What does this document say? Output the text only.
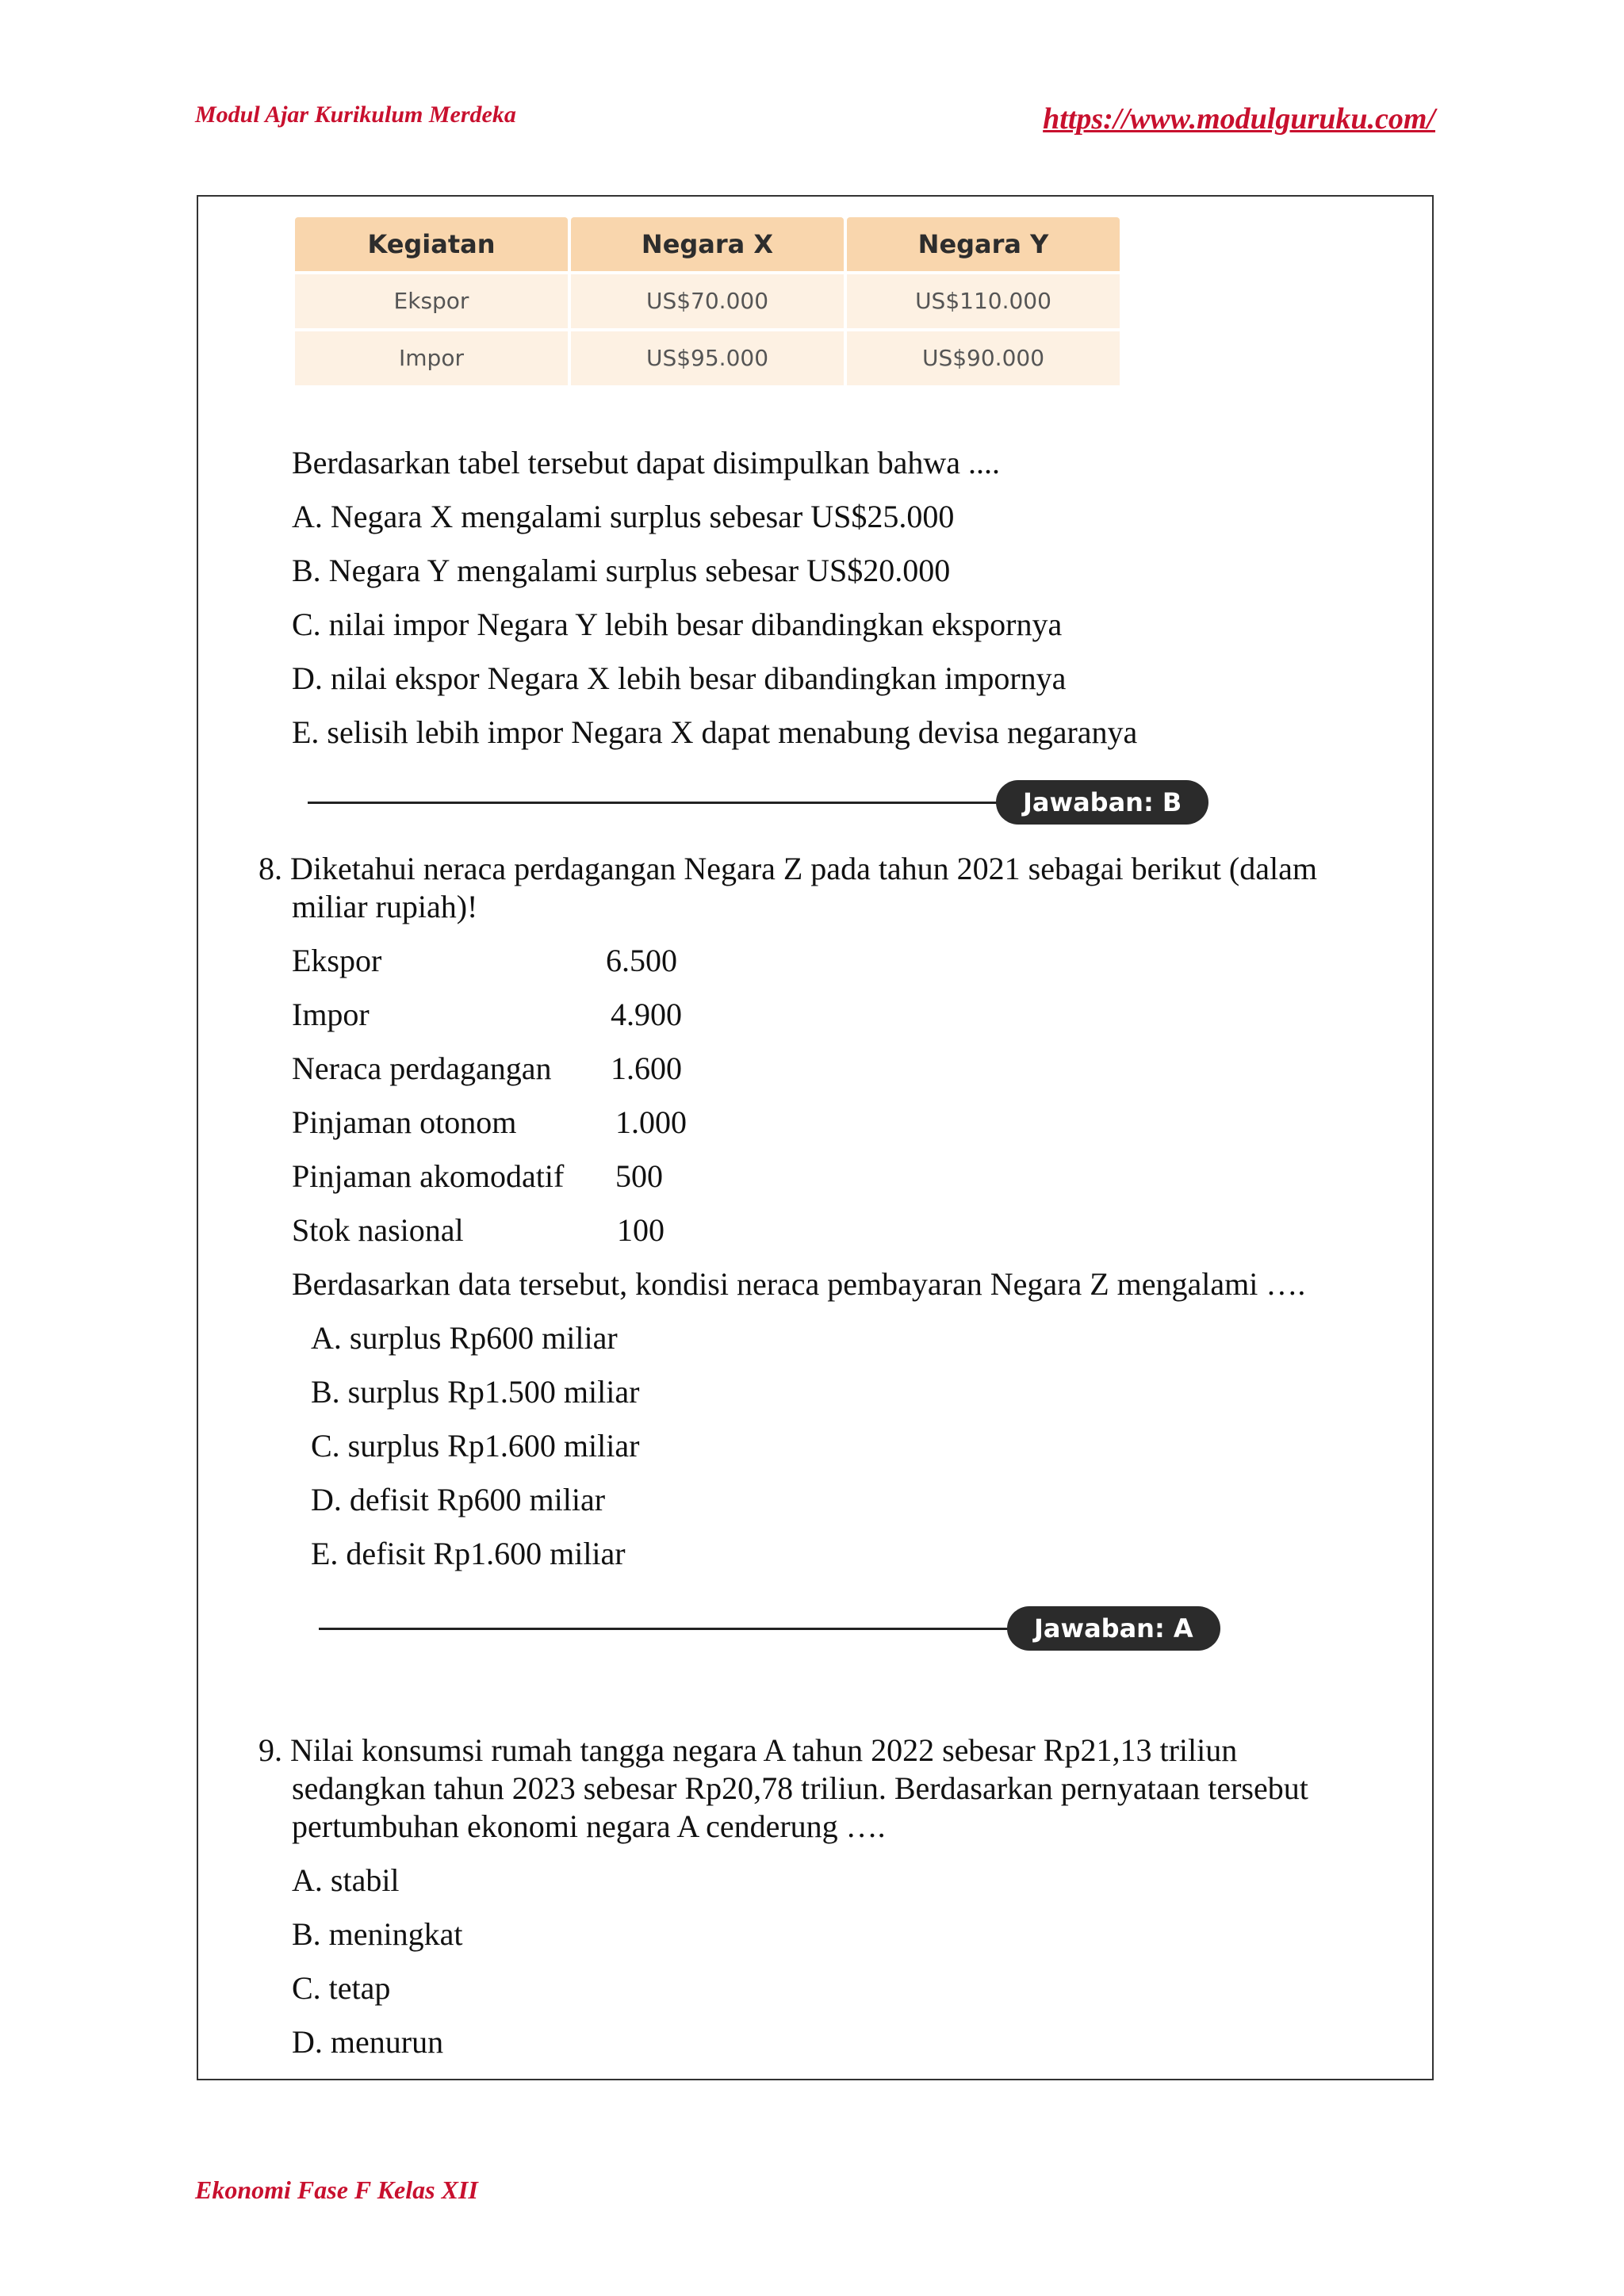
Modul Ajar Kurikulum Merdeka	https://www.modulguruku.com/
Kegiatan	Negara X	Negara Y
Ekspor	US$70.000	US$110.000
Impor	US$95.000	US$90.000
Berdasarkan tabel tersebut dapat disimpulkan bahwa ....
A. Negara X mengalami surplus sebesar US$25.000
B. Negara Y mengalami surplus sebesar US$20.000
C. nilai impor Negara Y lebih besar dibandingkan ekspornya
D. nilai ekspor Negara X lebih besar dibandingkan impornya
E. selisih lebih impor Negara X dapat menabung devisa negaranya
Jawaban: B
8. Diketahui neraca perdagangan Negara Z pada tahun 2021 sebagai berikut (dalam
miliar rupiah)!
Ekspor	6.500
Impor	4.900
Neraca perdagangan 1.600
Pinjaman otonom	1.000
Pinjaman akomodatif 500
Stok nasional	100
Berdasarkan data tersebut, kondisi neraca pembayaran Negara Z mengalami ….
A. surplus Rp600 miliar
B. surplus Rp1.500 miliar
C. surplus Rp1.600 miliar
D. defisit Rp600 miliar
E. defisit Rp1.600 miliar
Jawaban: A
9. Nilai konsumsi rumah tangga negara A tahun 2022 sebesar Rp21,13 triliun
sedangkan tahun 2023 sebesar Rp20,78 triliun. Berdasarkan pernyataan tersebut
pertumbuhan ekonomi negara A cenderung ….
A. stabil
B. meningkat
C. tetap
D. menurun
Ekonomi Fase F Kelas XII
